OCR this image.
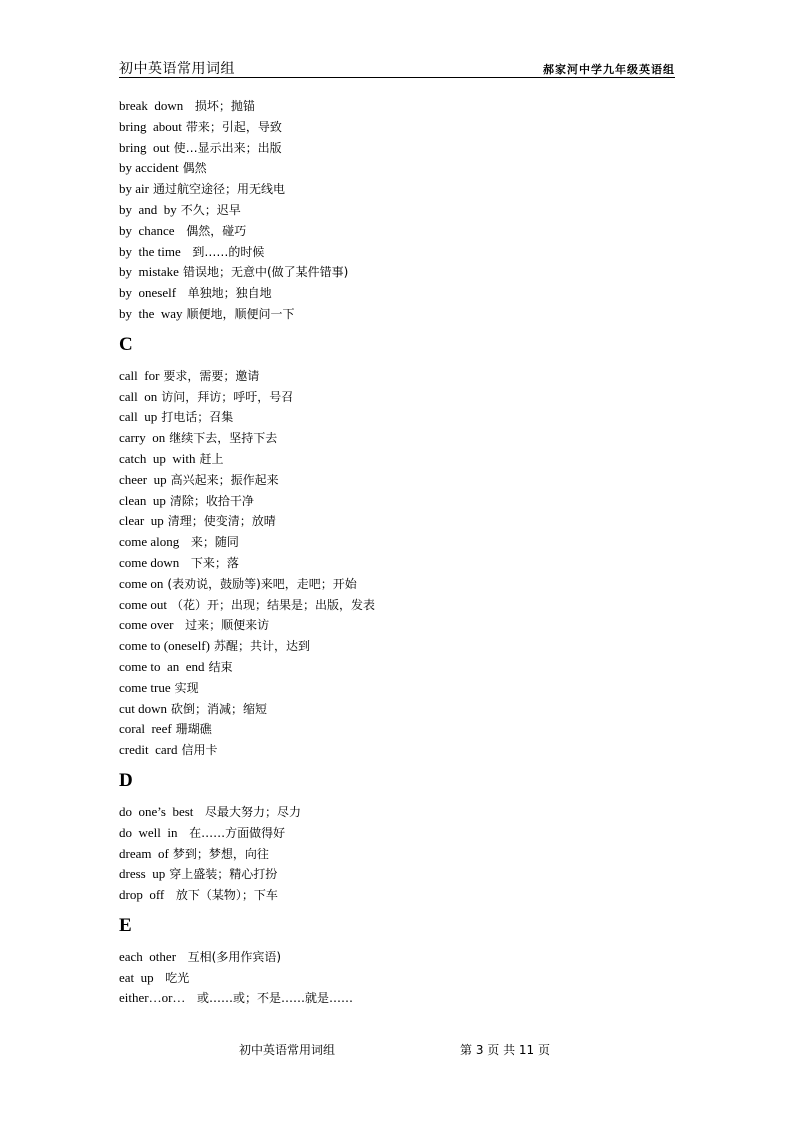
初中英语常用词组	郝家河中学九年级英语组
break  down  损坏；抛锚
bring  about 带来；引起，导致
bring  out 使…显示出来；出版
by accident 偶然
by air 通过航空途径；用无线电
by  and  by 不久；迟早
by  chance  偶然，碰巧
by  the time  到……的时候
by  mistake 错误地；无意中(做了某件错事)
by  oneself  单独地；独自地
by  the  way 顺便地，顺便问一下
C
call  for 要求，需要；邀请
call  on 访问，拜访；呼吁，号召
call  up 打电话；召集
carry  on 继续下去，坚持下去
catch  up  with 赶上
cheer  up 高兴起来；振作起来
clean  up 清除；收拾干净
clear  up 清理；使变清；放晴
come along  来；随同
come down  下来；落
come on (表劝说，鼓励等)来吧，走吧；开始
come out （花）开；出现；结果是；出版，发表
come over  过来；顺便来访
come to (oneself) 苏醒；共计，达到
come to  an  end 结束
come true 实现
cut down 砍倒；消减；缩短
coral  reef 珊瑚礁
credit  card 信用卡
D
do  one’s  best  尽最大努力；尽力
do  well  in  在……方面做得好
dream  of 梦到；梦想，向往
dress  up 穿上盛装；精心打扮
drop  off  放下（某物）；下车
E
each  other  互相(多用作宾语)
eat  up  吃光
either…or…  或……或；不是……就是……
初中英语常用词组	第 3 页 共 11 页
